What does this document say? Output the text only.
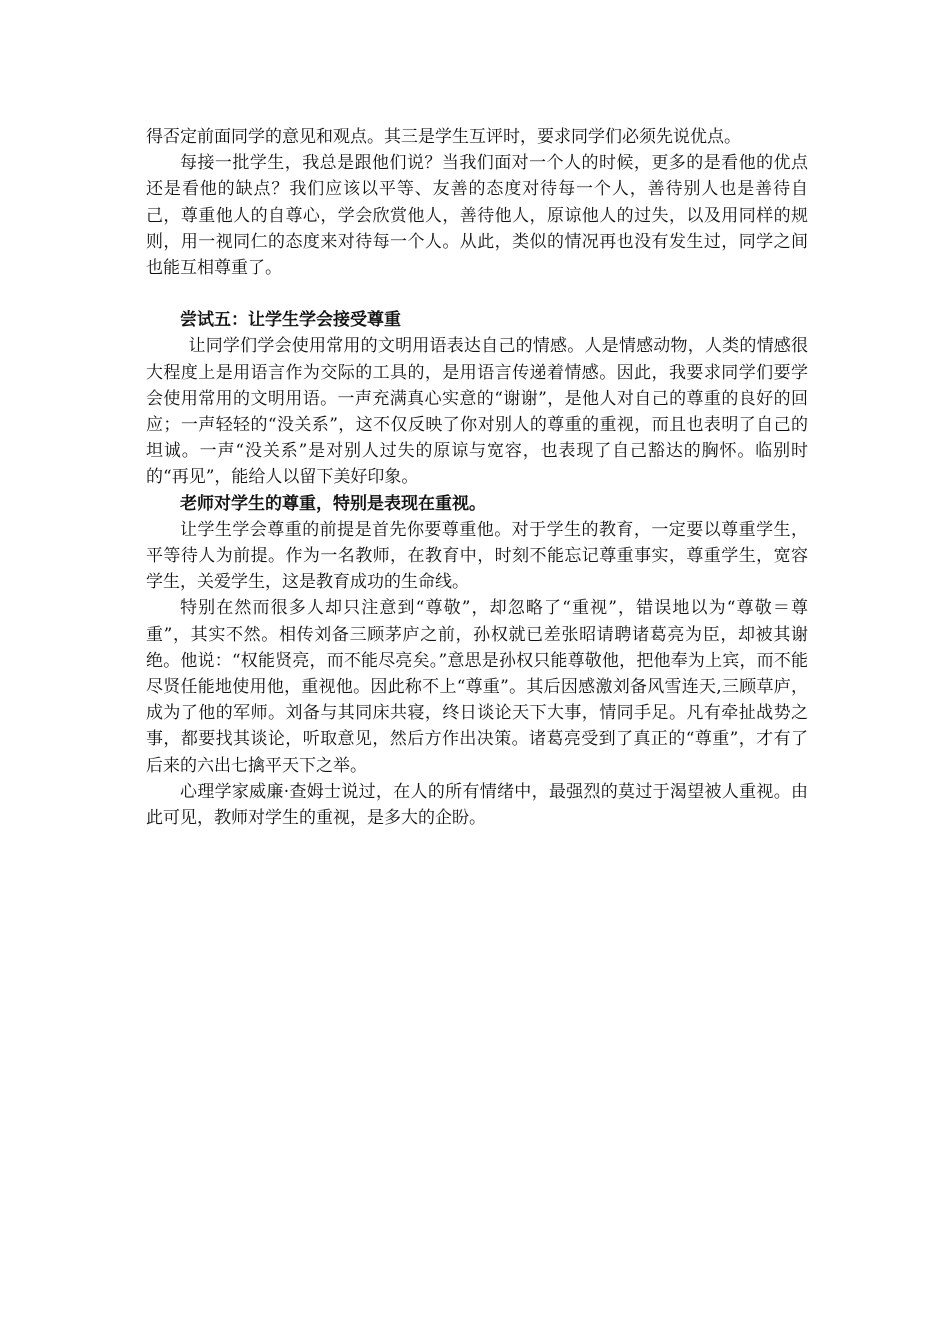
得否定前面同学的意见和观点。其三是学生互评时，要求同学们必须先说优点。

每接一批学生，我总是跟他们说？当我们面对一个人的时候，更多的是看他的优点还是看他的缺点？我们应该以平等、友善的态度对待每一个人，善待别人也是善待自己，尊重他人的自尊心，学会欣赏他人，善待他人，原谅他人的过失，以及用同样的规则，用一视同仁的态度来对待每一个人。从此，类似的情况再也没有发生过，同学之间也能互相尊重了。

尝试五：让学生学会接受尊重

让同学们学会使用常用的文明用语表达自己的情感。人是情感动物，人类的情感很大程度上是用语言作为交际的工具的，是用语言传递着情感。因此，我要求同学们要学会使用常用的文明用语。一声充满真心实意的“谢谢”，是他人对自己的尊重的良好的回应；一声轻轻的“没关系”，这不仅反映了你对别人的尊重的重视，而且也表明了自己的坦诚。一声“没关系”是对别人过失的原谅与宽容，也表现了自己豁达的胸怀。临别时的“再见”，能给人以留下美好印象。

老师对学生的尊重，特别是表现在重视。

让学生学会尊重的前提是首先你要尊重他。对于学生的教育，一定要以尊重学生，平等待人为前提。作为一名教师，在教育中，时刻不能忘记尊重事实，尊重学生，宽容学生，关爱学生，这是教育成功的生命线。

特别在然而很多人却只注意到“尊敬”，却忽略了“重视”，错误地以为“尊敬＝尊重”，其实不然。相传刘备三顾茅庐之前，孙权就已差张昭请聘诸葛亮为臣，却被其谢绝。他说：“权能贤亮，而不能尽亮矣。”意思是孙权只能尊敬他，把他奉为上宾，而不能尽贤任能地使用他，重视他。因此称不上“尊重”。其后因感激刘备风雪连天,三顾草庐，成为了他的军师。刘备与其同床共寝，终日谈论天下大事，情同手足。凡有牵扯战势之事，都要找其谈论，听取意见，然后方作出决策。诸葛亮受到了真正的“尊重”，才有了后来的六出七擒平天下之举。

心理学家威廉·查姆士说过，在人的所有情绪中，最强烈的莫过于渴望被人重视。由此可见，教师对学生的重视，是多大的企盼。
